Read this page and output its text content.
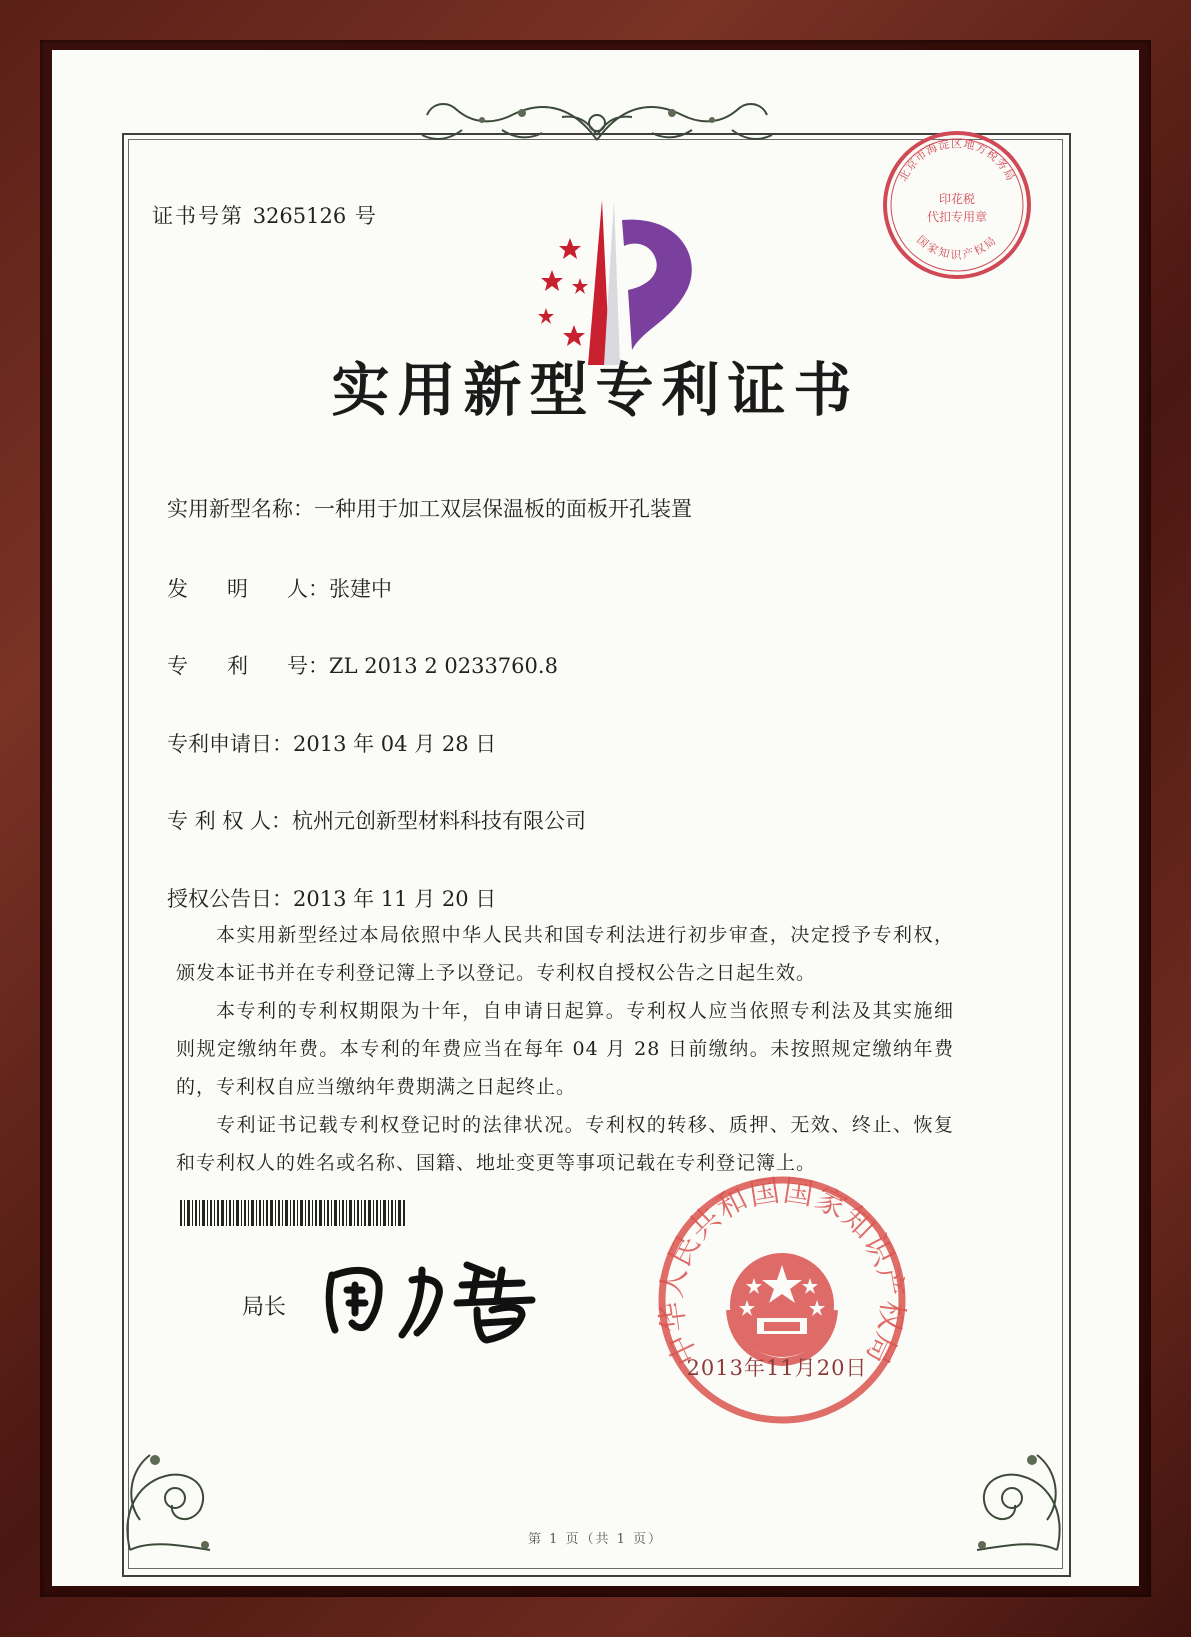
证书号第 3265126 号
北京市海淀区地方税务局
印花税
代扣专用章
国家知识产权局
实用新型专利证书
实用新型名称：一种用于加工双层保温板的面板开孔装置
发 明 人：张建中
专 利 号：ZL 2013 2 0233760.8
专利申请日：2013 年 04 月 28 日
专 利 权 人：杭州元创新型材料科技有限公司
授权公告日：2013 年 11 月 20 日
本实用新型经过本局依照中华人民共和国专利法进行初步审查，决定授予专利权，颁发本证书并在专利登记簿上予以登记。专利权自授权公告之日起生效。
本专利的专利权期限为十年，自申请日起算。专利权人应当依照专利法及其实施细则规定缴纳年费。本专利的年费应当在每年 04 月 28 日前缴纳。未按照规定缴纳年费的，专利权自应当缴纳年费期满之日起终止。
专利证书记载专利权登记时的法律状况。专利权的转移、质押、无效、终止、恢复和专利权人的姓名或名称、国籍、地址变更等事项记载在专利登记簿上。
局长
中华人民共和国国家知识产权局
2013年11月20日
第 1 页（共 1 页）
